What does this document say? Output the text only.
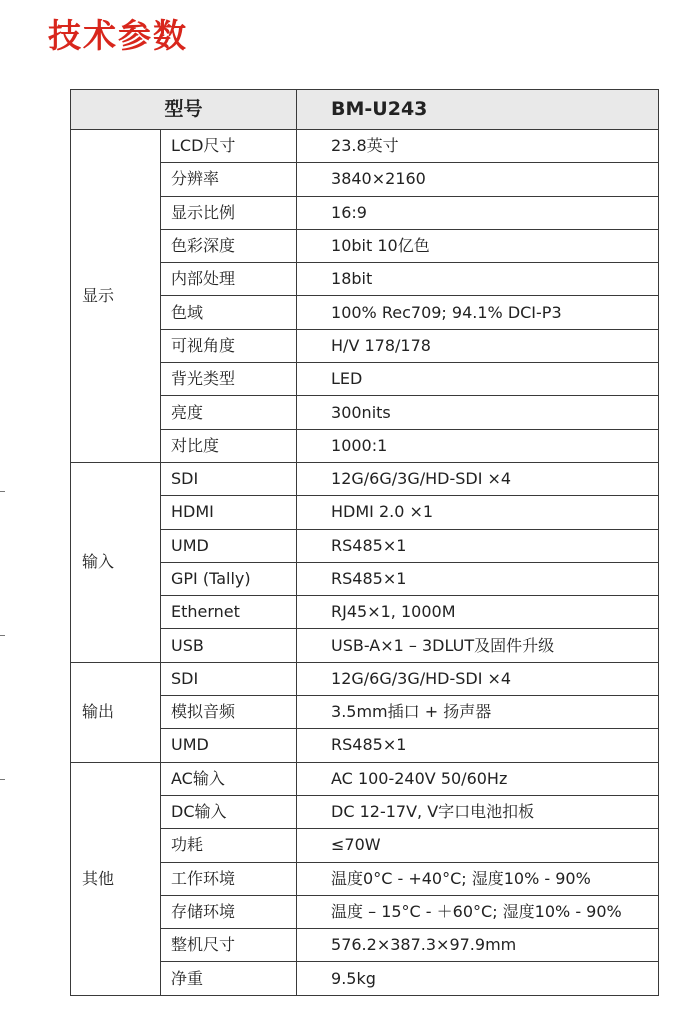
技术参数
型号		BM-U243
显示	LCD尺寸	23.8英寸
	分辨率	3840×2160
	显示比例	16:9
	色彩深度	10bit 10亿色
	内部处理	18bit
	色域	100% Rec709; 94.1% DCI-P3
	可视角度	H/V 178/178
	背光类型	LED
	亮度	300nits
	对比度	1000:1
输入	SDI	12G/6G/3G/HD-SDI ×4
	HDMI	HDMI 2.0 ×1
	UMD	RS485×1
	GPI (Tally)	RS485×1
	Ethernet	RJ45×1, 1000M
	USB	USB-A×1 – 3DLUT及固件升级
输出	SDI	12G/6G/3G/HD-SDI ×4
	模拟音频	3.5mm插口 + 扬声器
	UMD	RS485×1
其他	AC输入	AC 100-240V 50/60Hz
	DC输入	DC 12-17V, V字口电池扣板
	功耗	≤70W
	工作环境	温度0°C - +40°C; 湿度10% - 90%
	存储环境	温度 – 15°C - ＋60°C; 湿度10% - 90%
	整机尺寸	576.2×387.3×97.9mm
	净重	9.5kg
